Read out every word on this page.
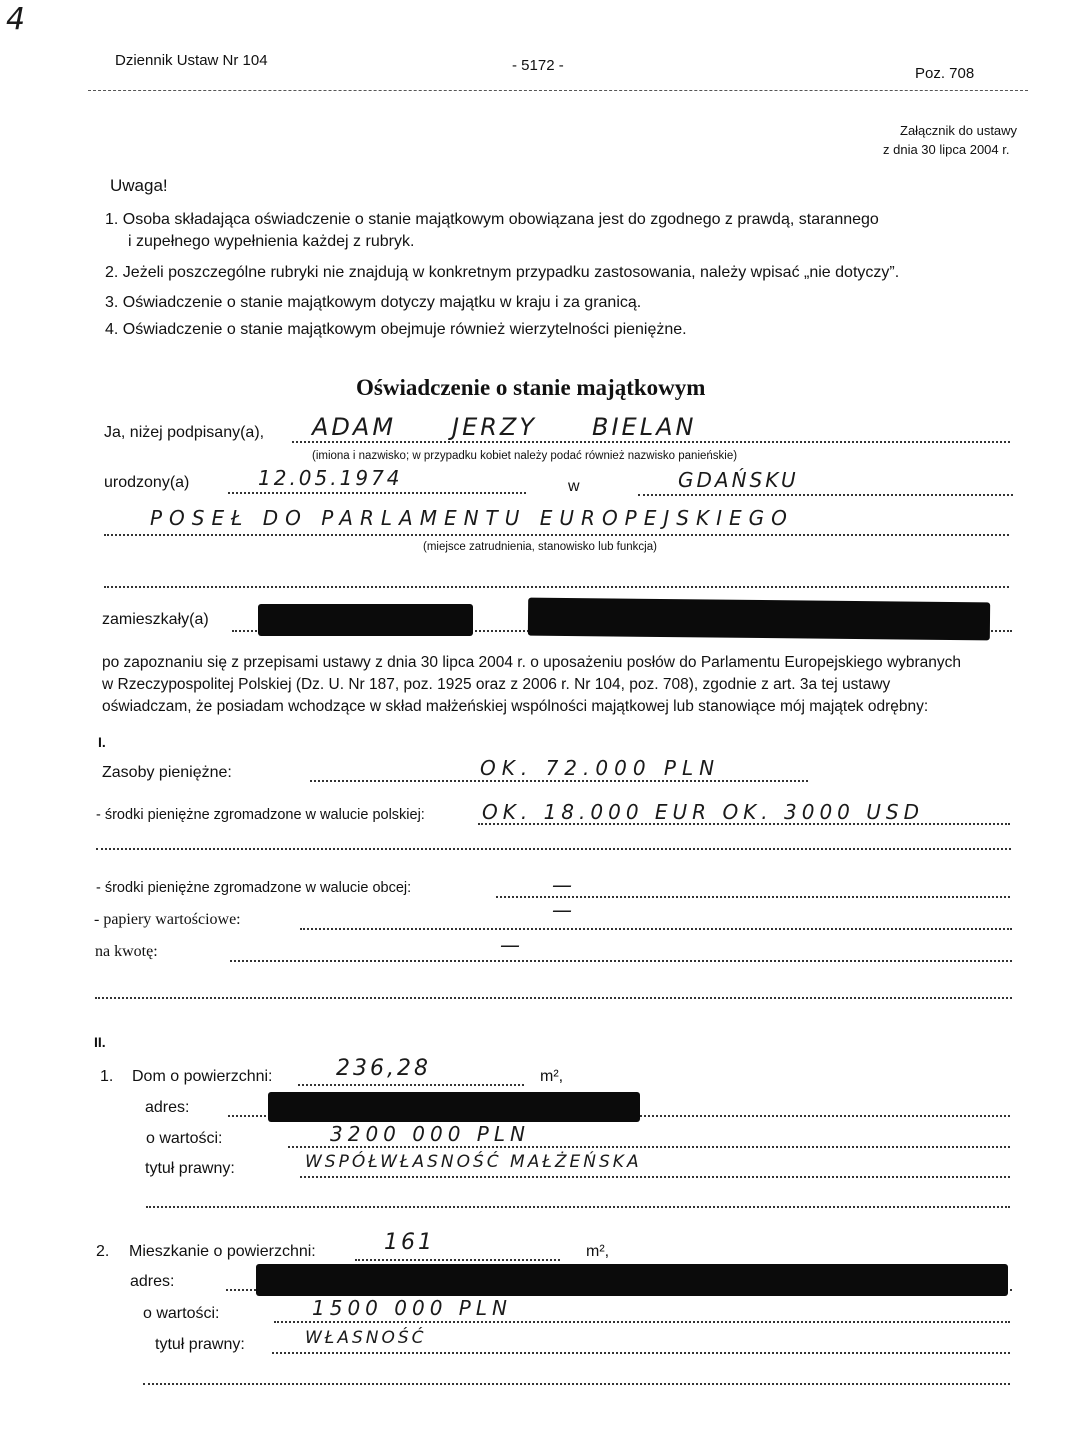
4
Dziennik Ustaw Nr 104	- 5172 -	Poz. 708
Załącznik do ustawy
z dnia 30 lipca 2004 r.
Uwaga!
1. Osoba składająca oświadczenie o stanie majątkowym obowiązana jest do zgodnego z prawdą, starannego
i zupełnego wypełnienia każdej z rubryk.
2. Jeżeli poszczególne rubryki nie znajdują w konkretnym przypadku zastosowania, należy wpisać „nie dotyczy”.
3. Oświadczenie o stanie majątkowym dotyczy majątku w kraju i za granicą.
4. Oświadczenie o stanie majątkowym obejmuje również wierzytelności pieniężne.
Oświadczenie o stanie majątkowym
Ja, niżej podpisany(a), ADAM JERZY BIELAN
(imiona i nazwisko; w przypadku kobiet należy podać również nazwisko panieńskie)
urodzony(a)	12.05.1974	w	GDAŃSKU
POSEŁ DO PARLAMENTU EUROPEJSKIEGO
(miejsce zatrudnienia, stanowisko lub funkcja)
zamieszkały(a)
po zapoznaniu się z przepisami ustawy z dnia 30 lipca 2004 r. o uposażeniu posłów do Parlamentu Europejskiego wybranych
w Rzeczypospolitej Polskiej (Dz. U. Nr 187, poz. 1925 oraz z 2006 r. Nr 104, poz. 708), zgodnie z art. 3a tej ustawy
oświadczam, że posiadam wchodzące w skład małżeńskiej wspólności majątkowej lub stanowiące mój majątek odrębny:
I.
Zasoby pieniężne:	OK. 72.000 PLN
- środki pieniężne zgromadzone w walucie polskiej:	OK. 18.000 EUR OK. 3000 USD
- środki pieniężne zgromadzone w walucie obcej:	—
- papiery wartościowe:	—
na kwotę:	—
II.
1. Dom o powierzchni:	236,28	m²,
adres:
o wartości:	3200 000 PLN
tytuł prawny:	WSPÓŁWŁASNOŚĆ MAŁŻEŃSKA
2. Mieszkanie o powierzchni:	161	m²,
adres:
o wartości:	1500 000 PLN
tytuł prawny:	WŁASNOŚĆ
